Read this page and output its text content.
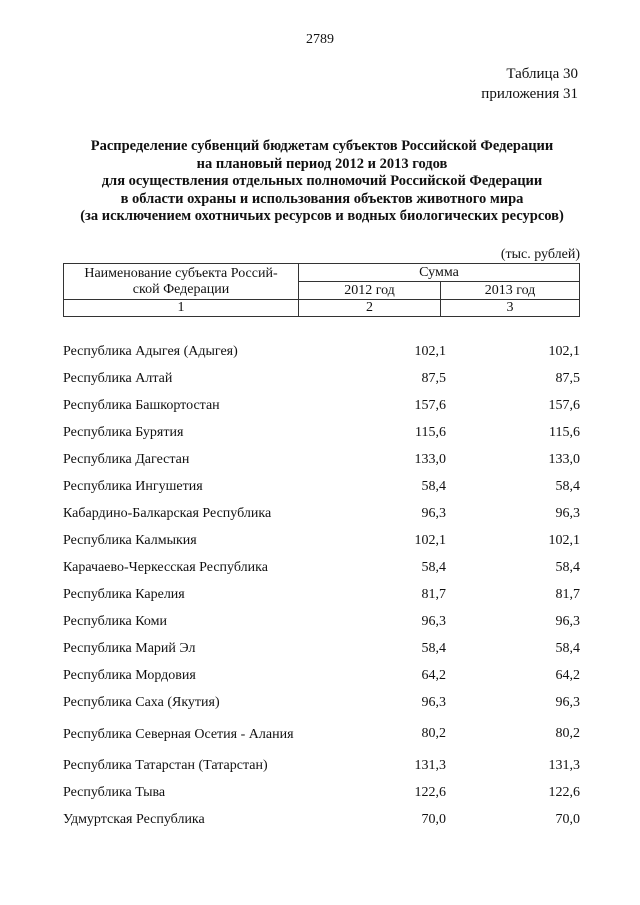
2789
Таблица 30
приложения 31
Распределение субвенций бюджетам субъектов Российской Федерации
на плановый период 2012 и 2013 годов
для осуществления отдельных полномочий Российской Федерации
в области охраны и использования объектов животного мира
(за исключением охотничьих ресурсов и водных биологических ресурсов)
(тыс. рублей)
Наименование субъекта Россий-
ской Федерации	Сумма	
	2012 год	2013 год
1	2	3
Республика Адыгея (Адыгея)	102,1	102,1
Республика Алтай	87,5	87,5
Республика Башкортостан	157,6	157,6
Республика Бурятия	115,6	115,6
Республика Дагестан	133,0	133,0
Республика Ингушетия	58,4	58,4
Кабардино-Балкарская Республика	96,3	96,3
Республика Калмыкия	102,1	102,1
Карачаево-Черкесская Республика	58,4	58,4
Республика Карелия	81,7	81,7
Республика Коми	96,3	96,3
Республика Марий Эл	58,4	58,4
Республика Мордовия	64,2	64,2
Республика Саха (Якутия)	96,3	96,3
Республика Северная Осетия - Алания	80,2	80,2
Республика Татарстан (Татарстан)	131,3	131,3
Республика Тыва	122,6	122,6
Удмуртская Республика	70,0	70,0
